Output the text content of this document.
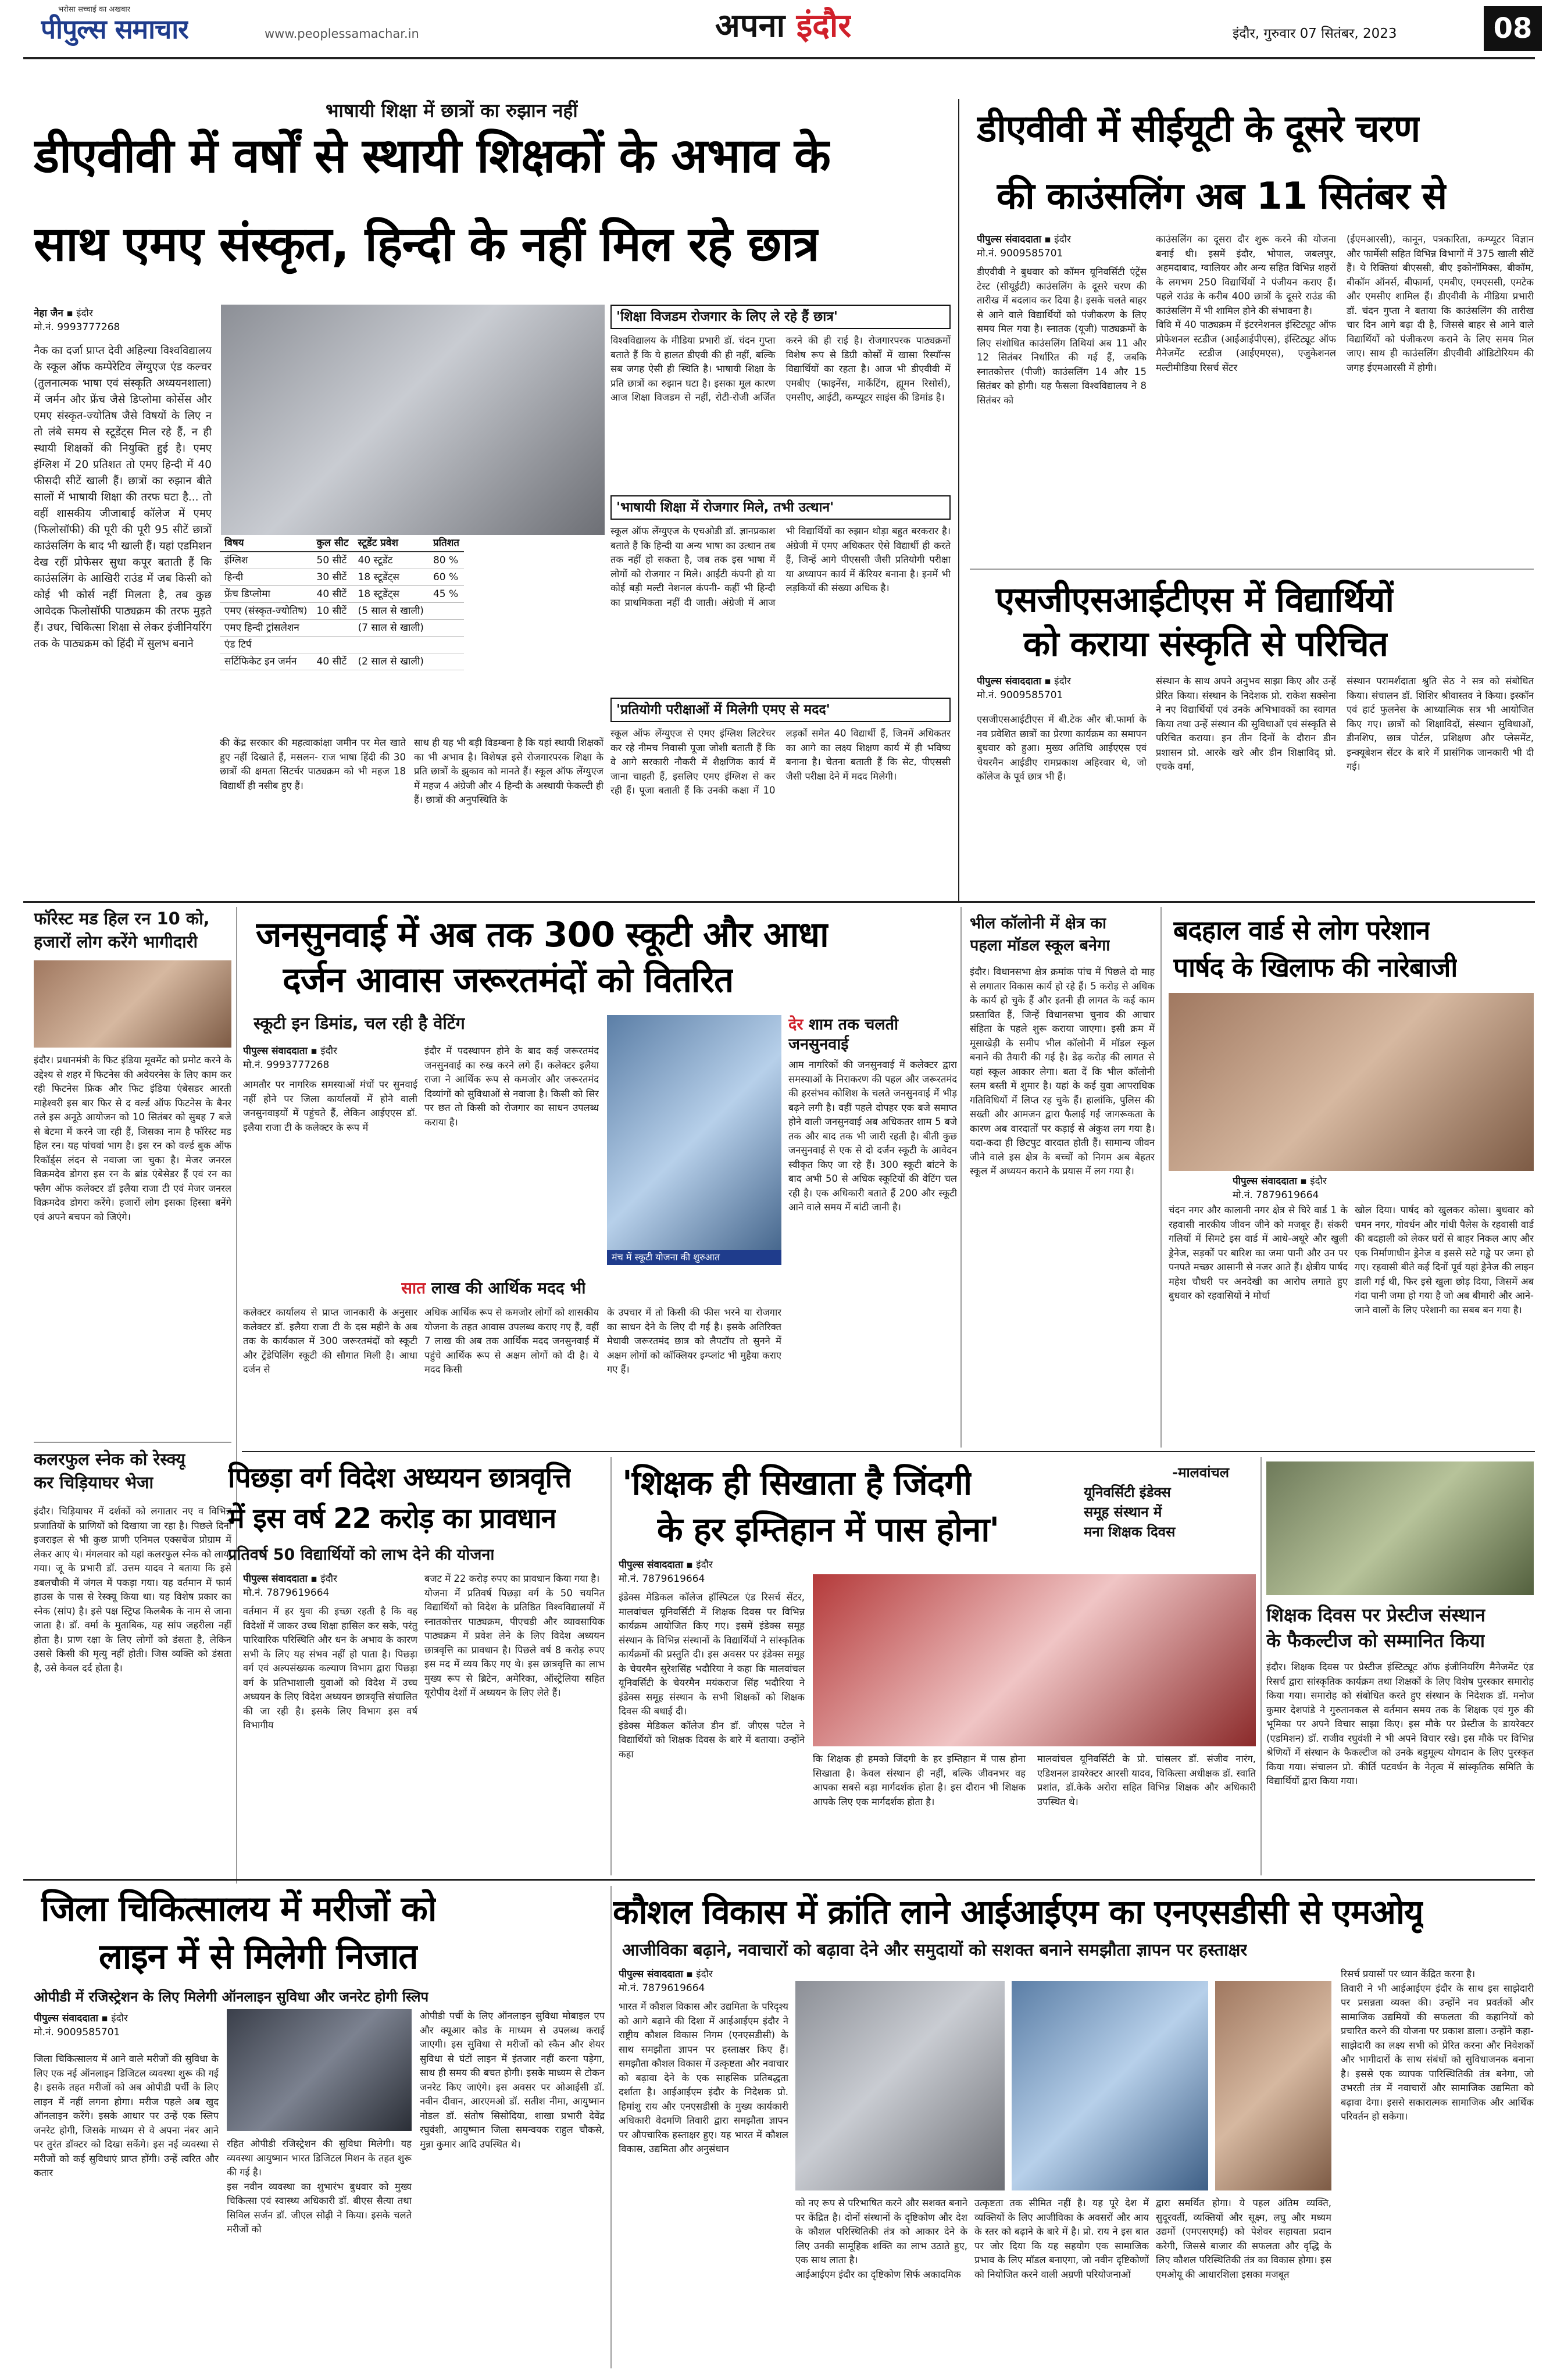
भरोसा सच्चाई का अखबार
पीपुल्स समाचार	www.peoplessamachar.in	अपना इंदौर	इंदौर, गुरुवार 07 सितंबर, 2023	08
भाषायी शिक्षा में छात्रों का रुझान नहीं
डीएवीवी में वर्षों से स्थायी शिक्षकों के अभाव के
साथ एमए संस्कृत, हिन्दी के नहीं मिल रहे छात्र
नेहा जैन ▪ इंदौर
मो.नं. 9993777268
नैक का दर्जा प्राप्त देवी अहिल्या विश्वविद्यालय के स्कूल ऑफ कम्पेरेटिव लेंग्युएज एंड कल्चर (तुलनात्मक भाषा एवं संस्कृति अध्ययनशाला) में जर्मन और फ्रेंच जैसे डिप्लोमा कोर्सेस और एमए संस्कृत-ज्योतिष जैसे विषयों के लिए न तो लंबे समय से स्टूडेंट्स मिल रहे हैं, न ही स्थायी शिक्षकों की नियुक्ति हुई है। एमए इंग्लिश में 20 प्रतिशत तो एमए हिन्दी में 40 फीसदी सीटें खाली हैं। छात्रों का रुझान बीते सालों में भाषायी शिक्षा की तरफ घटा है... तो वहीं शासकीय जीजाबाई कॉलेज में एमए (फिलोसॉफी) की पूरी की पूरी 95 सीटें छात्रों काउंसलिंग के बाद भी खाली हैं। यहां एडमिशन देख रहीं प्रोफेसर सुधा कपूर बताती हैं कि काउंसलिंग के आखिरी राउंड में जब किसी को कोई भी कोर्स नहीं मिलता है, तब कुछ आवेदक फिलोसॉफी पाठ्यक्रम की तरफ मुड़ते हैं। उधर, चिकित्सा शिक्षा से लेकर इंजीनियरिंग तक के पाठ्यक्रम को हिंदी में सुलभ बनाने
विषय	कुल सीट	स्टूडेंट प्रवेश	प्रतिशत
इंग्लिश	50 सीटें	40 स्टूडेंट	80 %
हिन्दी	30 सीटें	18 स्टूडेंट्स	60 %
फ्रेंच डिप्लोमा	40 सीटें	18 स्टूडेंट्स	45 %
एमए (संस्कृत-ज्योतिष)	10 सीटें	(5 साल से खाली)	
एमए हिन्दी ट्रांसलेशन		(7 साल से खाली)	
एंड टिर्प			
सर्टिफिकेट इन जर्मन	40 सीटें	(2 साल से खाली)	
की केंद्र सरकार की महत्वाकांक्षा जमीन पर मेल खाते हुए नहीं दिखाते हैं, मसलन- राज भाषा हिंदी की 30 छात्रों की क्षमता सिटर्चर पाठ्यक्रम को भी महज 18 विद्यार्थी ही नसीब हुए हैं।
साथ ही यह भी बड़ी विडम्बना है कि यहां स्थायी शिक्षकों का भी अभाव है। विशेषज्ञ इसे रोजगारपरक शिक्षा के प्रति छात्रों के झुकाव को मानते हैं। स्कूल ऑफ लेंग्युएज में महज 4 अंग्रेजी और 4 हिन्दी के अस्थायी फेकल्टी ही हैं। छात्रों की अनुपस्थिति के
'शिक्षा विजडम रोजगार के लिए ले रहे हैं छात्र'
विश्वविद्यालय के मीडिया प्रभारी डॉ. चंदन गुप्ता बताते हैं कि ये हालत डीएवी की ही नहीं, बल्कि सब जगह ऐसी ही स्थिति है। भाषायी शिक्षा के प्रति छात्रों का रुझान घटा है। इसका मूल कारण आज शिक्षा विजडम से नहीं, रोटी-रोजी अर्जित करने की ही राई है। रोजगारपरक पाठ्यक्रमों विशेष रूप से डिग्री कोर्सों में खासा रिस्पॉन्स विद्यार्थियों का रहता है। आज भी डीएवीवी में एमबीए (फाइनेंस, मार्केटिंग, ह्यूमन रिसोर्स), एमसीए, आईटी, कम्प्यूटर साइंस की डिमांड है।
'भाषायी शिक्षा में रोजगार मिले, तभी उत्थान'
स्कूल ऑफ लेंग्युएज के एचओडी डॉ. ज्ञानप्रकाश बताते हैं कि हिन्दी या अन्य भाषा का उत्थान तब तक नहीं हो सकता है, जब तक इस भाषा में लोगों को रोजगार न मिले। आईटी कंपनी हो या कोई बड़ी मल्टी नेशनल कंपनी- कहीं भी हिन्दी का प्राथमिकता नहीं दी जाती। अंग्रेजी में आज भी विद्यार्थियों का रुझान थोड़ा बहुत बरकरार है। अंग्रेजी में एमए अधिकतर ऐसे विद्यार्थी ही करते हैं, जिन्हें आगे पीएससी जैसी प्रतियोगी परीक्षा या अध्यापन कार्य में कॅरियर बनाना है। इनमें भी लड़कियों की संख्या अधिक है।
'प्रतियोगी परीक्षाओं में मिलेगी एमए से मदद'
स्कूल ऑफ लेंग्युएज से एमए इंग्लिश लिटरेचर कर रहे नीमच निवासी पूजा जोशी बताती हैं कि वे आगे सरकारी नौकरी में शैक्षणिक कार्य में जाना चाहती हैं, इसलिए एमए इंग्लिश से कर रही हैं। पूजा बताती हैं कि उनकी कक्षा में 10 लड़कों समेत 40 विद्यार्थी हैं, जिनमें अधिकतर का आगे का लक्ष्य शिक्षण कार्य में ही भविष्य बनाना है। चेतना बताती हैं कि सेट, पीएससी जैसी परीक्षा देने में मदद मिलेगी।
डीएवीवी में सीईयूटी के दूसरे चरण
की काउंसलिंग अब 11 सितंबर से
पीपुल्स संवाददाता ▪ इंदौर
मो.नं. 9009585701
डीएवीवी ने बुधवार को कॉमन यूनिवर्सिटी एंट्रेंस टेस्ट (सीयूईटी) काउंसलिंग के दूसरे चरण की तारीख में बदलाव कर दिया है। इसके चलते बाहर से आने वाले विद्यार्थियों को पंजीकरण के लिए समय मिल गया है। स्नातक (यूजी) पाठ्यक्रमों के लिए संशोधित काउंसलिंग तिथियां अब 11 और 12 सितंबर निर्धारित की गई हैं, जबकि स्नातकोत्तर (पीजी) काउंसलिंग 14 और 15 सितंबर को होगी। यह फैसला विश्वविद्यालय ने 8 सितंबर को
काउंसलिंग का दूसरा दौर शुरू करने की योजना बनाई थी। इसमें इंदौर, भोपाल, जबलपुर, अहमदाबाद, ग्वालियर और अन्य सहित विभिन्न शहरों के लगभग 250 विद्यार्थियों ने पंजीयन कराए हैं। पहले राउंड के करीब 400 छात्रों के दूसरे राउंड की काउंसलिंग में भी शामिल होने की संभावना है।
विवि में 40 पाठ्यक्रम में इंटरनेशनल इंस्टिट्यूट ऑफ प्रोफेशनल स्टडीज (आईआईपीएस), इंस्टिट्यूट ऑफ मैनेजमेंट स्टडीज (आईएमएस), एजुकेशनल मल्टीमीडिया रिसर्च सेंटर
(ईएमआरसी), कानून, पत्रकारिता, कम्प्यूटर विज्ञान और फार्मेसी सहित विभिन्न विभागों में 375 खाली सीटें हैं। ये रिक्तियां बीएससी, बीए इकोनॉमिक्स, बीकॉम, बीकॉम ऑनर्स, बीफार्मा, एमबीए, एमएससी, एमटेक और एमसीए शामिल हैं। डीएवीवी के मीडिया प्रभारी डॉ. चंदन गुप्ता ने बताया कि काउंसलिंग की तारीख चार दिन आगे बढ़ा दी है, जिससे बाहर से आने वाले विद्यार्थियों को पंजीकरण कराने के लिए समय मिल जाए। साथ ही काउंसलिंग डीएवीवी ऑडिटोरियम की जगह ईएमआरसी में होगी।
एसजीएसआईटीएस में विद्यार्थियों
को कराया संस्कृति से परिचित
पीपुल्स संवाददाता ▪ इंदौर
मो.नं. 9009585701
एसजीएसआईटीएस में बी.टेक और बी.फार्मा के नव प्रवेशित छात्रों का प्रेरणा कार्यक्रम का समापन बुधवार को हुआ। मुख्य अतिथि आईएएस एवं चेयरमैन आईडीए रामप्रकाश अहिरवार थे, जो कॉलेज के पूर्व छात्र भी हैं।
संस्थान के साथ अपने अनुभव साझा किए और उन्हें प्रेरित किया। संस्थान के निदेशक प्रो. राकेश सक्सेना ने नए विद्यार्थियों एवं उनके अभिभावकों का स्वागत किया तथा उन्हें संस्थान की सुविधाओं एवं संस्कृति से परिचित कराया। इन तीन दिनों के दौरान डीन प्रशासन प्रो. आरके खरे और डीन शिक्षाविद् प्रो. एचके वर्मा,
संस्थान परामर्शदाता श्रुति सेठ ने सत्र को संबोधित किया। संचालन डॉ. शिशिर श्रीवास्तव ने किया। इस्कॉन एवं हार्ट फुलनेस के आध्यात्मिक सत्र भी आयोजित किए गए। छात्रों को शिक्षाविदों, संस्थान सुविधाओं, डीनशिप, छात्र पोर्टल, प्रशिक्षण और प्लेसमेंट, इन्क्यूबेशन सेंटर के बारे में प्रासंगिक जानकारी भी दी गई।
फॉरेस्ट मड हिल रन 10 को,
हजारों लोग करेंगे भागीदारी
इंदौर। प्रधानमंत्री के फिट इंडिया मूवमेंट को प्रमोट करने के उद्देश्य से शहर में फिटनेस की अवेयरनेस के लिए काम कर रही फिटनेस फ्रिक और फिट इंडिया एंबेसडर आरती माहेश्वरी इस बार फिर से द वर्ल्ड ऑफ फिटनेस के बैनर तले इस अनूठे आयोजन को 10 सितंबर को सुबह 7 बजे से बेटमा में करने जा रही हैं, जिसका नाम है फॉरेस्ट मड हिल रन। यह पांचवां भाग है। इस रन को वर्ल्ड बुक ऑफ रिकॉर्ड्स लंदन से नवाजा जा चुका है। मेजर जनरल विक्रमदेव डोगरा इस रन के ब्रांड एंबेसेडर हैं एवं रन का फ्लैग ऑफ कलेक्टर डॉ इलैया राजा टी एवं मेजर जनरल विक्रमदेव डोगरा करेंगे। हजारों लोग इसका हिस्सा बनेंगे एवं अपने बचपन को जिएंगे।
कलरफुल स्नेक को रेस्क्यू
कर चिड़ियाघर भेजा
इंदौर। चिड़ियाघर में दर्शकों को लगातार नए व विभिन्न प्रजातियों के प्राणियों को दिखाया जा रहा है। पिछले दिनों इजराइल से भी कुछ प्राणी एनिमल एक्सचेंज प्रोग्राम में लेकर आए थे। मंगलवार को यहां कलरफुल स्नेक को लाया गया। जू के प्रभारी डॉ. उत्तम यादव ने बताया कि इसे डबलचौकी में जंगल में पकड़ा गया। यह वर्तमान में फार्म हाउस के पास से रेस्क्यू किया था। यह विशेष प्रकार का स्नेक (सांप) है। इसे पक्ष स्ट्रिप्ड किलबैक के नाम से जाना जाता है। डॉ. वर्मा के मुताबिक, यह सांप जहरीला नहीं होता है। प्राण रक्षा के लिए लोगों को डंसता है, लेकिन उससे किसी की मृत्यु नहीं होती। जिस व्यक्ति को डंसता है, उसे केवल दर्द होता है।
जनसुनवाई में अब तक 300 स्कूटी और आधा
दर्जन आवास जरूरतमंदों को वितरित
स्कूटी इन डिमांड, चल रही है वेटिंग
पीपुल्स संवाददाता ▪ इंदौर
मो.नं. 9993777268
आमतौर पर नागरिक समस्याओं मंचों पर सुनवाई नहीं होने पर जिला कार्यालयों में होने वाली जनसुनवाइयों में पहुंचते हैं, लेकिन आईएएस डॉ. इलैया राजा टी के कलेक्टर के रूप में
इंदौर में पदस्थापन होने के बाद कई जरूरतमंद जनसुनवाई का रुख करने लगे हैं। कलेक्टर इलैया राजा ने आर्थिक रूप से कमजोर और जरूरतमंद दिव्यांगों को सुविधाओं से नवाजा है। किसी को सिर पर छत तो किसी को रोजगार का साधन उपलब्ध कराया है।
मंच में स्कूटी योजना की शुरुआत
देर शाम तक चलती
जनसुनवाई
आम नागरिकों की जनसुनवाई में कलेक्टर द्वारा समस्याओं के निराकरण की पहल और जरूरतमंद की हरसंभव कोशिश के चलते जनसुनवाई में भीड़ बढ़ने लगी है। वहीं पहले दोपहर एक बजे समाप्त होने वाली जनसुनवाई अब अधिकतर शाम 5 बजे तक और बाद तक भी जारी रहती है। बीती कुछ जनसुनवाई से एक से दो दर्जन स्कूटी के आवेदन स्वीकृत किए जा रहे हैं। 300 स्कूटी बांटने के बाद अभी 50 से अधिक स्कूटियों की वेटिंग चल रही है। एक अधिकारी बताते हैं 200 और स्कूटी आने वाले समय में बांटी जानी है।
सात लाख की आर्थिक मदद भी
कलेक्टर कार्यालय से प्राप्त जानकारी के अनुसार कलेक्टर डॉ. इलैया राजा टी के दस महीने के अब तक के कार्यकाल में 300 जरूरतमंदों को स्कूटी और ट्रेंडेपिलिंग स्कूटी की सौगात मिली है। आधा दर्जन से
अधिक आर्थिक रूप से कमजोर लोगों को शासकीय योजना के तहत आवास उपलब्ध कराए गए हैं, वहीं 7 लाख की अब तक आर्थिक मदद जनसुनवाई में पहुंचे आर्थिक रूप से अक्षम लोगों को दी है। ये मदद किसी
के उपचार में तो किसी की फीस भरने या रोजगार का साधन देने के लिए दी गई है। इसके अतिरिक्त मेधावी जरूरतमंद छात्र को लैपटॉप तो सुनने में अक्षम लोगों को कॉक्लियर इम्प्लांट भी मुहैया कराए गए हैं।
भील कॉलोनी में क्षेत्र का
पहला मॉडल स्कूल बनेगा
इंदौर। विधानसभा क्षेत्र क्रमांक पांच में पिछले दो माह से लगातार विकास कार्य हो रहे हैं। 5 करोड़ से अधिक के कार्य हो चुके हैं और इतनी ही लागत के कई काम प्रस्तावित हैं, जिन्हें विधानसभा चुनाव की आचार संहिता के पहले शुरू कराया जाएगा। इसी क्रम में मूसाखेड़ी के समीप भील कॉलोनी में मॉडल स्कूल बनाने की तैयारी की गई है। डेढ़ करोड़ की लागत से यहां स्कूल आकार लेगा। बता दें कि भील कॉलोनी स्लम बस्ती में शुमार है। यहां के कई युवा आपराधिक गतिविधियों में लिप्त रह चुके हैं। हालांकि, पुलिस की सख्ती और आमजन द्वारा फैलाई गई जागरूकता के कारण अब वारदातों पर कड़ाई से अंकुश लग गया है। यदा-कदा ही छिटपुट वारदात होती हैं। सामान्य जीवन जीने वाले इस क्षेत्र के बच्चों को निगम अब बेहतर स्कूल में अध्ययन कराने के प्रयास में लग गया है।
बदहाल वार्ड से लोग परेशान
पार्षद के खिलाफ की नारेबाजी
पीपुल्स संवाददाता ▪ इंदौर
मो.नं. 7879619664
चंदन नगर और कालानी नगर क्षेत्र से घिरे वार्ड 1 के रहवासी नारकीय जीवन जीने को मजबूर हैं। संकरी गलियों में सिमटे इस वार्ड में आधे-अधूरे और खुली ड्रेनेज, सड़कों पर बारिश का जमा पानी और उन पर पनपते मच्छर आसानी से नजर आते हैं। क्षेत्रीय पार्षद महेश चौधरी पर अनदेखी का आरोप लगाते हुए बुधवार को रहवासियों ने मोर्चा
खोल दिया। पार्षद को खुलकर कोसा। बुधवार को चमन नगर, गोवर्धन और गांधी पैलेस के रहवासी वार्ड की बदहाली को लेकर घरों से बाहर निकल आए और एक निर्माणाधीन ड्रेनेज व इससे सटे गड्ढे पर जमा हो गए। रहवासी बीते कई दिनों पूर्व यहां ड्रेनेज की लाइन डाली गई थी, फिर इसे खुला छोड़ दिया, जिसमें अब गंदा पानी जमा हो गया है जो अब बीमारी और आने-जाने वालों के लिए परेशानी का सबब बन गया है।
पिछड़ा वर्ग विदेश अध्ययन छात्रवृत्ति
में इस वर्ष 22 करोड़ का प्रावधान
प्रतिवर्ष 50 विद्यार्थियों को लाभ देने की योजना
पीपुल्स संवाददाता ▪ इंदौर
मो.नं. 7879619664
वर्तमान में हर युवा की इच्छा रहती है कि वह विदेशों में जाकर उच्च शिक्षा हासिल कर सके, परंतु पारिवारिक परिस्थिति और धन के अभाव के कारण सभी के लिए यह संभव नहीं हो पाता है। पिछड़ा वर्ग एवं अल्पसंख्यक कल्याण विभाग द्वारा पिछड़ा वर्ग के प्रतिभाशाली युवाओं को विदेश में उच्च अध्ययन के लिए विदेश अध्ययन छात्रवृत्ति संचालित की जा रही है। इसके लिए विभाग इस वर्ष विभागीय
बजट में 22 करोड़ रुपए का प्रावधान किया गया है।
योजना में प्रतिवर्ष पिछड़ा वर्ग के 50 चयनित विद्यार्थियों को विदेश के प्रतिष्ठित विश्वविद्यालयों में स्नातकोत्तर पाठ्यक्रम, पीएचडी और व्यावसायिक पाठ्यक्रम में प्रवेश लेने के लिए विदेश अध्ययन छात्रवृत्ति का प्रावधान है। पिछले वर्ष 8 करोड़ रुपए इस मद में व्यय किए गए थे। इस छात्रवृत्ति का लाभ मुख्य रूप से ब्रिटेन, अमेरिका, ऑस्ट्रेलिया सहित यूरोपीय देशों में अध्ययन के लिए लेते हैं।
'शिक्षक ही सिखाता है जिंदगी
के हर इम्तिहान में पास होना'
-मालवांचल
यूनिवर्सिटी इंडेक्स
समूह संस्थान में
मना शिक्षक दिवस
पीपुल्स संवाददाता ▪ इंदौर
मो.नं. 7879619664
इंडेक्स मेडिकल कॉलेज हॉस्पिटल एंड रिसर्च सेंटर, मालवांचल यूनिवर्सिटी में शिक्षक दिवस पर विभिन्न कार्यक्रम आयोजित किए गए। इसमें इंडेक्स समूह संस्थान के विभिन्न संस्थानों के विद्यार्थियों ने सांस्कृतिक कार्यक्रमों की प्रस्तुति दी। इस अवसर पर इंडेक्स समूह के चेयरमैन सुरेशसिंह भदौरिया ने कहा कि मालवांचल यूनिवर्सिटी के चेयरमैन मयंकराज सिंह भदौरिया ने इंडेक्स समूह संस्थान के सभी शिक्षकों को शिक्षक दिवस की बधाई दी।
इंडेक्स मेडिकल कॉलेज डीन डॉ. जीएस पटेल ने विद्यार्थियों को शिक्षक दिवस के बारे में बताया। उन्होंने कहा	कि शिक्षक ही हमको जिंदगी के हर इम्तिहान में पास होना सिखाता है। केवल संस्थान ही नहीं, बल्कि जीवनभर वह आपका सबसे बड़ा मार्गदर्शक होता है। इस दौरान भी शिक्षक आपके लिए एक मार्गदर्शक होता है।
मालवांचल यूनिवर्सिटी के प्रो. चांसलर डॉ. संजीव नारंग, एडिशनल डायरेक्टर आरसी यादव, चिकित्सा अधीक्षक डॉ. स्वाति प्रशांत, डॉ.केके अरोरा सहित विभिन्न शिक्षक और अधिकारी उपस्थित थे।
शिक्षक दिवस पर प्रेस्टीज संस्थान
के फैकल्टीज को सम्मानित किया
इंदौर। शिक्षक दिवस पर प्रेस्टीज इंस्टिट्यूट ऑफ इंजीनियरिंग मैनेजमेंट एंड रिसर्च द्वारा सांस्कृतिक कार्यक्रम तथा शिक्षकों के लिए विशेष पुरस्कार समारोह किया गया। समारोह को संबोधित करते हुए संस्थान के निदेशक डॉ. मनोज कुमार देशपांडे ने गुरुतानकल से वर्तमान समय तक के शिक्षक एवं गुरु की भूमिका पर अपने विचार साझा किए। इस मौके पर प्रेस्टीज के डायरेक्टर (एडमिशन) डॉ. राजीव रघुवंशी ने भी अपने विचार रखे। इस मौके पर विभिन्न श्रेणियों में संस्थान के फैकल्टीज को उनके बहुमूल्य योगदान के लिए पुरस्कृत किया गया। संचालन प्रो. कीर्ति पटवर्धन के नेतृत्व में सांस्कृतिक समिति के विद्यार्थियों द्वारा किया गया।
जिला चिकित्सालय में मरीजों को
लाइन में से मिलेगी निजात
ओपीडी में रजिस्ट्रेशन के लिए मिलेगी ऑनलाइन सुविधा और जनरेट होगी स्लिप
पीपुल्स संवाददाता ▪ इंदौर
मो.नं. 9009585701
जिला चिकित्सालय में आने वाले मरीजों की सुविधा के लिए एक नई ऑनलाइन डिजिटल व्यवस्था शुरू की गई है। इसके तहत मरीजों को अब ओपीडी पर्ची के लिए लाइन में नहीं लगना होगा। मरीज पहले अब खुद ऑनलाइन करेंगे। इसके आधार पर उन्हें एक स्लिप जनरेट होगी, जिसके माध्यम से वे अपना नंबर आने पर तुरंत डॉक्टर को दिखा सकेंगे। इस नई व्यवस्था से मरीजों को कई सुविधाएं प्राप्त होंगी। उन्हें त्वरित और कतार
रहित ओपीडी रजिस्ट्रेशन की सुविधा मिलेगी। यह व्यवस्था आयुष्मान भारत डिजिटल मिशन के तहत शुरू की गई है।
इस नवीन व्यवस्था का शुभारंभ बुधवार को मुख्य चिकित्सा एवं स्वास्थ्य अधिकारी डॉ. बीएस सैत्या तथा सिविल सर्जन डॉ. जीएल सोढ़ी ने किया। इसके चलते मरीजों को
ओपीडी पर्ची के लिए ऑनलाइन सुविधा मोबाइल एप और क्यूआर कोड के माध्यम से उपलब्ध कराई जाएगी। इस सुविधा से मरीजों को स्कैन और शेयर सुविधा से घंटों लाइन में इंतजार नहीं करना पड़ेगा, साथ ही समय की बचत होगी। इसके माध्यम से टोकन जनरेट किए जाएंगे। इस अवसर पर ओआईसी डॉ. नवीन दीवान, आरएमओ डॉ. सतीश नीमा, आयुष्मान नोडल डॉ. संतोष सिसोदिया, शाखा प्रभारी देवेंद्र रघुवंशी, आयुष्मान जिला समन्वयक राहुल चौकसे, मुन्ना कुमार आदि उपस्थित थे।
कौशल विकास में क्रांति लाने आईआईएम का एनएसडीसी से एमओयू
आजीविका बढ़ाने, नवाचारों को बढ़ावा देने और समुदायों को सशक्त बनाने समझौता ज्ञापन पर हस्ताक्षर
पीपुल्स संवाददाता ▪ इंदौर
मो.नं. 7879619664
भारत में कौशल विकास और उद्यमिता के परिदृश्य को आगे बढ़ाने की दिशा में आईआईएम इंदौर ने राष्ट्रीय कौशल विकास निगम (एनएसडीसी) के साथ समझौता ज्ञापन पर हस्ताक्षर किए हैं। समझौता कौशल विकास में उत्कृष्टता और नवाचार को बढ़ावा देने के एक साहसिक प्रतिबद्धता दर्शाता है। आईआईएम इंदौर के निदेशक प्रो. हिमांशु राय और एनएसडीसी के मुख्य कार्यकारी अधिकारी वेदमणि तिवारी द्वारा समझौता ज्ञापन पर औपचारिक हस्ताक्षर हुए। यह भारत में कौशल विकास, उद्यमिता और अनुसंधान
को नए रूप से परिभाषित करने और सशक्त बनाने पर केंद्रित है। दोनों संस्थानों के दृष्टिकोण और देश के कौशल परिस्थितिकी तंत्र को आकार देने के लिए उनकी सामूहिक शक्ति का लाभ उठाते हुए, एक साथ लाता है।
आईआईएम इंदौर का दृष्टिकोण सिर्फ अकादमिक
उत्कृष्टता तक सीमित नहीं है। यह पूरे देश में व्यक्तियों के लिए आजीविका के अवसरों और आय के स्तर को बढ़ाने के बारे में है। प्रो. राय ने इस बात पर जोर दिया कि यह सहयोग एक सामाजिक प्रभाव के लिए मॉडल बनाएगा, जो नवीन दृष्टिकोणों को नियोजित करने वाली अग्रणी परियोजनाओं
द्वारा समर्थित होगा। ये पहल अंतिम व्यक्ति, सुदूरवर्ती, व्यक्तियों और सूक्ष्म, लघु और मध्यम उद्यमों (एमएसएमई) को पेशेवर सहायता प्रदान करेगी, जिससे बाजार की सफलता और वृद्धि के लिए कौशल परिस्थितिकी तंत्र का विकास होगा। इस एमओयू की आधारशिला इसका मजबूत
रिसर्च प्रयासों पर ध्यान केंद्रित करना है।
तिवारी ने भी आईआईएम इंदौर के साथ इस साझेदारी पर प्रसन्नता व्यक्त की। उन्होंने नव प्रवर्तकों और सामाजिक उद्यमियों की सफलता की कहानियों को प्रचारित करने की योजना पर प्रकाश डाला। उन्होंने कहा- साझेदारी का लक्ष्य सभी को प्रेरित करना और निवेशकों और भागीदारों के साथ संबंधों को सुविधाजनक बनाना है। इससे एक व्यापक पारिस्थितिकी तंत्र बनेगा, जो उभरती तंत्र में नवाचारों और सामाजिक उद्यमिता को बढ़ावा देगा। इससे सकारात्मक सामाजिक और आर्थिक परिवर्तन हो सकेगा।
